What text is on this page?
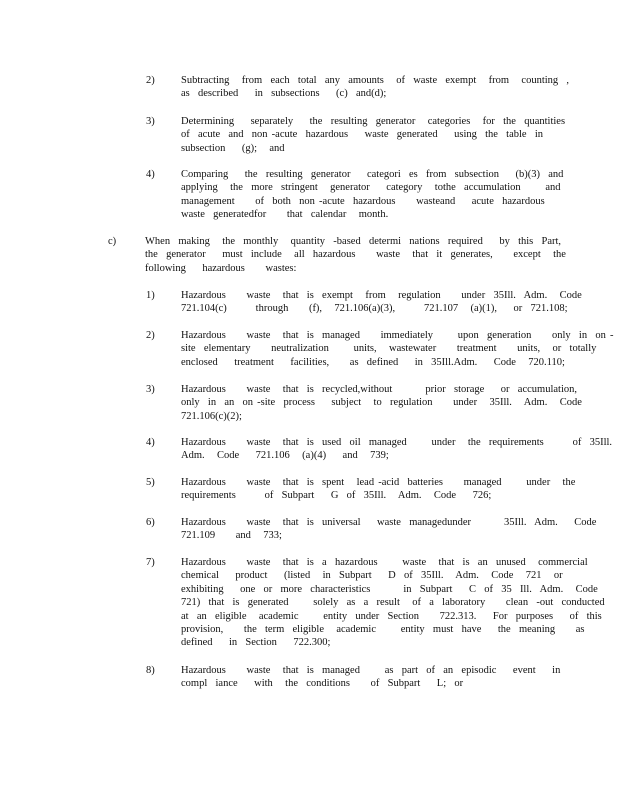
2)	Subtracting   from  each  total  any  amounts   of  waste  exempt   from   counting  ,
as  described    in  subsections    (c)  and(d);
3)	Determining    separately    the  resulting  generator   categories   for  the  quantities
of  acute  and  non -acute  hazardous    waste  generated    using  the  table  in
subsection    (g);   and
4)	Comparing    the  resulting  generator    categori  es  from  subsection    (b)(3)  and
applying   the  more  stringent   generator    category   tothe  accumulation      and
management     of  both  non -acute  hazardous     wasteand    acute  hazardous
waste  generatedfor     that  calendar   month.
c)	When  making   the  monthly   quantity  -based  determi  nations  required    by  this  Part,
the  generator    must  include   all  hazardous     waste   that  it  generates,     except   the
following    hazardous     wastes:
1)	Hazardous     waste   that  is  exempt   from   regulation     under  35Ill.  Adm.   Code
721.104(c)       through     (f),   721.106(a)(3),       721.107   (a)(1),    or  721.108;
2)	Hazardous     waste   that  is  managed     immediately      upon  generation     only  in  on -
site  elementary     neutralization      units,   wastewater     treatment     units,   or  totally
enclosed    treatment    facilities,     as  defined    in  35Ill.Adm.    Code   720.110;
3)	Hazardous     waste   that  is  recycled,without        prior  storage    or  accumulation,
only  in  an  on -site  process    subject   to  regulation     under   35Ill.   Adm.   Code
721.106(c)(2);
4)	Hazardous     waste   that  is  used  oil  managed      under   the  requirements       of  35Ill.
Adm.   Code    721.106   (a)(4)    and   739;
5)	Hazardous     waste   that  is  spent   lead -acid  batteries     managed      under   the
requirements       of  Subpart    G  of  35Ill.   Adm.   Code    726;
6)	Hazardous     waste   that  is  universal    waste  managedunder        35Ill.  Adm.    Code
721.109     and   733;
7)	Hazardous     waste   that  is  a  hazardous      waste   that  is  an  unused   commercial
chemical    product    (listed   in  Subpart    D  of  35Ill.   Adm.   Code   721   or
exhibiting    one  or  more  characteristics        in  Subpart    C  of  35  Ill.  Adm.   Code
721)  that  is  generated      solely  as  a  result   of  a  laboratory     clean  -out  conducted
at  an  eligible   academic      entity  under  Section     722.313.    For  purposes    of  this
provision,     the  term  eligible   academic      entity  must  have    the  meaning     as
defined    in  Section    722.300;
8)	Hazardous     waste   that  is  managed      as  part  of  an  episodic    event    in
compl  iance    with   the  conditions     of  Subpart    L;  or
